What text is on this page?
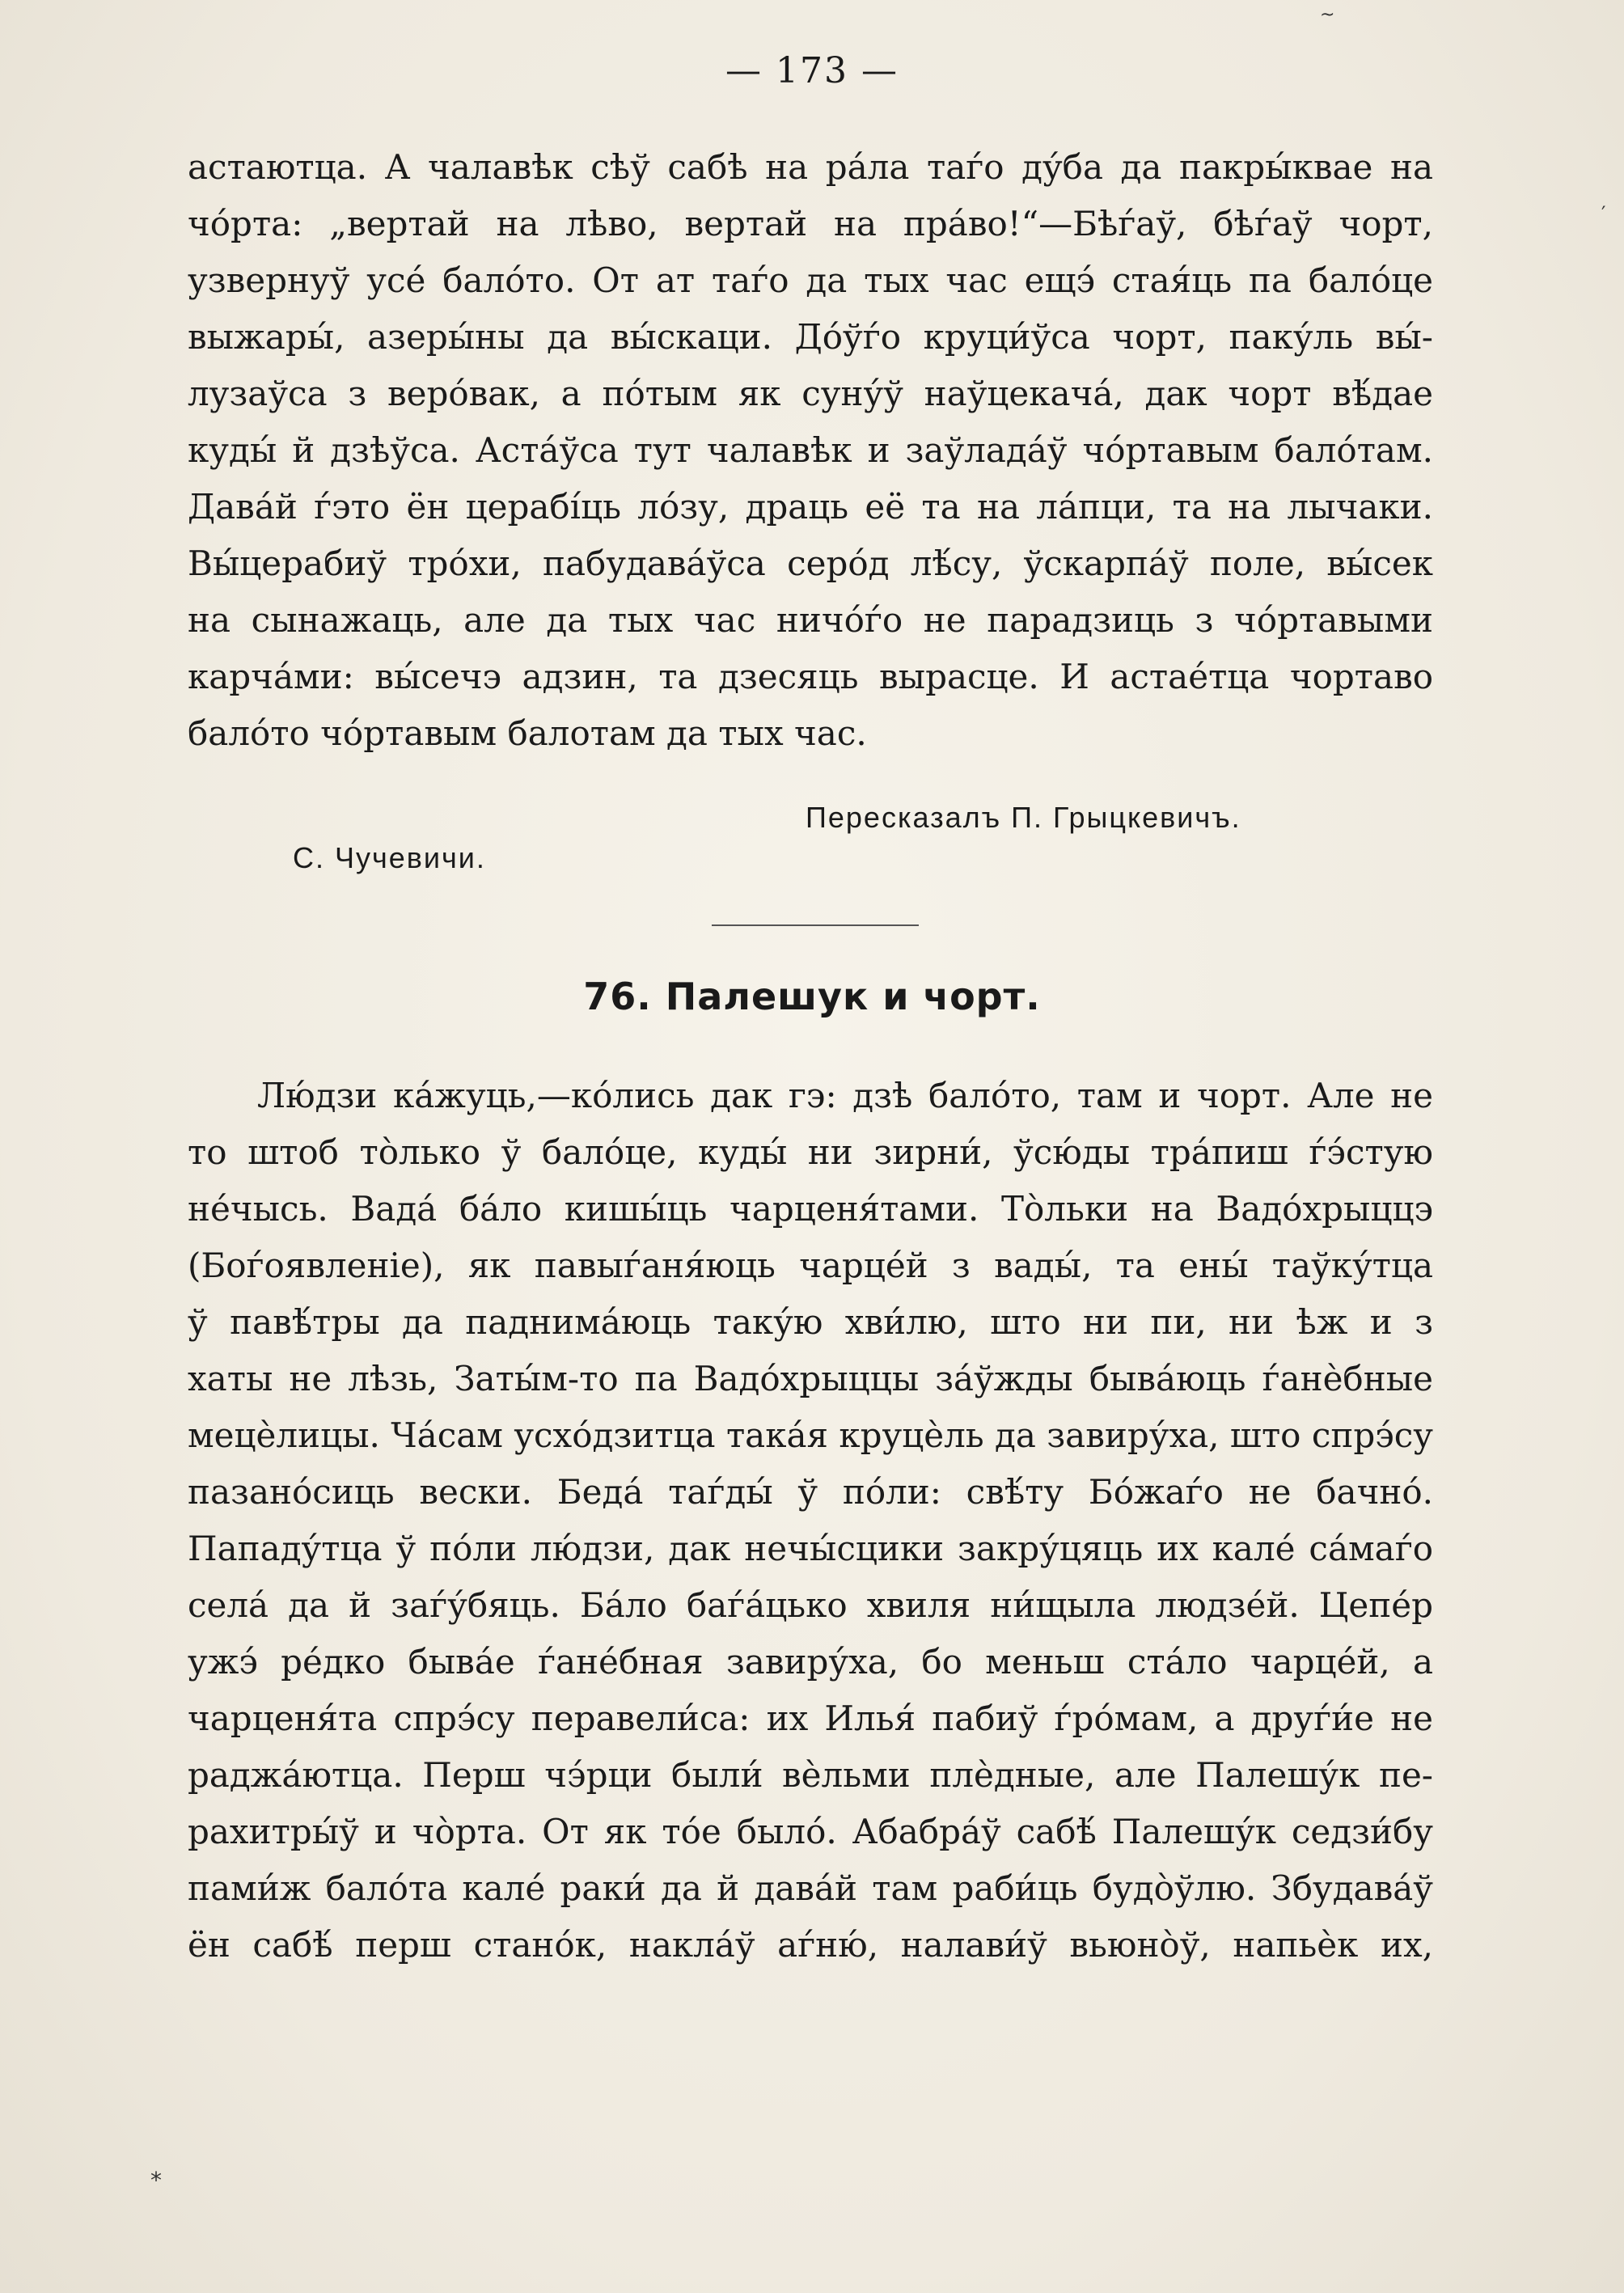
— 173 —
астаютца. А чалавѣк сѣў сабѣ на ра́ла таѓо ду́ба да пакры́кваe на
чо́рта: „вертай на лѣво, вертай на пра́во!“—Бѣѓаў, бѣѓаў чорт,
узвернуў усе́ бало́то. От ат таѓо да тых час ещэ́ стая́ць па бало́це
выжары́, азеры́ны да вы́скаци. До́ўѓо круци́ўса чорт, паку́ль вы́-
лузаўса з веро́вак, а по́тым як суну́ў наўцекача́, дак чорт вѣ́дае
куды́ й дзѣўса. Аста́ўса тут чалавѣк и заўлада́ў чо́ртавым бало́там.
Дава́й ѓэто ён церабі́ць ло́зу, драць её та на ла́пци, та на лычаки.
Вы́церабиў тро́хи, пабудава́ўса серо́д лѣ́су, ўскарпа́ў поле, вы́сек
на сынажаць, але да тых час ничо́ѓо не парадзиць з чо́ртавыми
карча́ми: вы́сечэ адзин, та дзесяць вырасце. И астае́тца чортаво
бало́то чо́ртавым балотам да тых час.
Пересказалъ П. Грыцкевичъ.
С. Чучевичи.
76. Палешук и чорт.
Лю́дзи ка́жуць,—ко́лись дак гэ: дзѣ бало́то, там и чорт. Але не
то штоб то̀лько ў бало́це, куды́ ни зирни́, ўсю́ды тра́пиш ѓэ́стую
не́чысь. Вада́ ба́ло кишы́ць чарценя́тами. То̀льки на Вадо́хрыццэ
(Боѓоявленіе), як павыѓаня́юць чарце́й з вады́, та ены́ таўку́тца
ў павѣ́тры да паднима́юць таку́ю хви́лю, што ни пи, ни ѣж и з
хаты не лѣзь, Заты́м-то па Вадо́хрыццы за́ўжды быва́юць ѓанѐбные
мецѐлицы. Ча́сам усхо́дзитца така́я круцѐль да завиру́ха, што спрэ́су
пазано́сиць вески. Беда́ таѓды́ ў по́ли: свѣ́ту Бо́жаѓо не бачно́.
Пападу́тца ў по́ли лю́дзи, дак нечы́сцики закру́цяць их кале́ са́маѓо
села́ да й заѓу́бяць. Ба́ло баѓа́цько хвиля ни́щыла людзе́й. Цепе́р
ужэ́ ре́дко быва́е ѓане́бная завиру́ха, бо меньш ста́ло чарце́й, а
чарценя́та спрэ́су перавели́са: их Илья́ пабиў ѓро́мам, а друѓи́е не
раджа́ютца. Перш чэ́рци были́ вѐльми плѐдные, але Палешу́к пе-
рахитры́ў и чо̀рта. От як то́е было́. Абабра́ў сабѣ́ Палешу́к седзи́бу
пами́ж бало́та кале́ раки́ да й дава́й там раби́ць будо̀ўлю. Збудава́ў
ён сабѣ́ перш стано́к, накла́ў аѓню́, налави́ў вьюно̀ў, напьѐк их,
~
′
⁎
